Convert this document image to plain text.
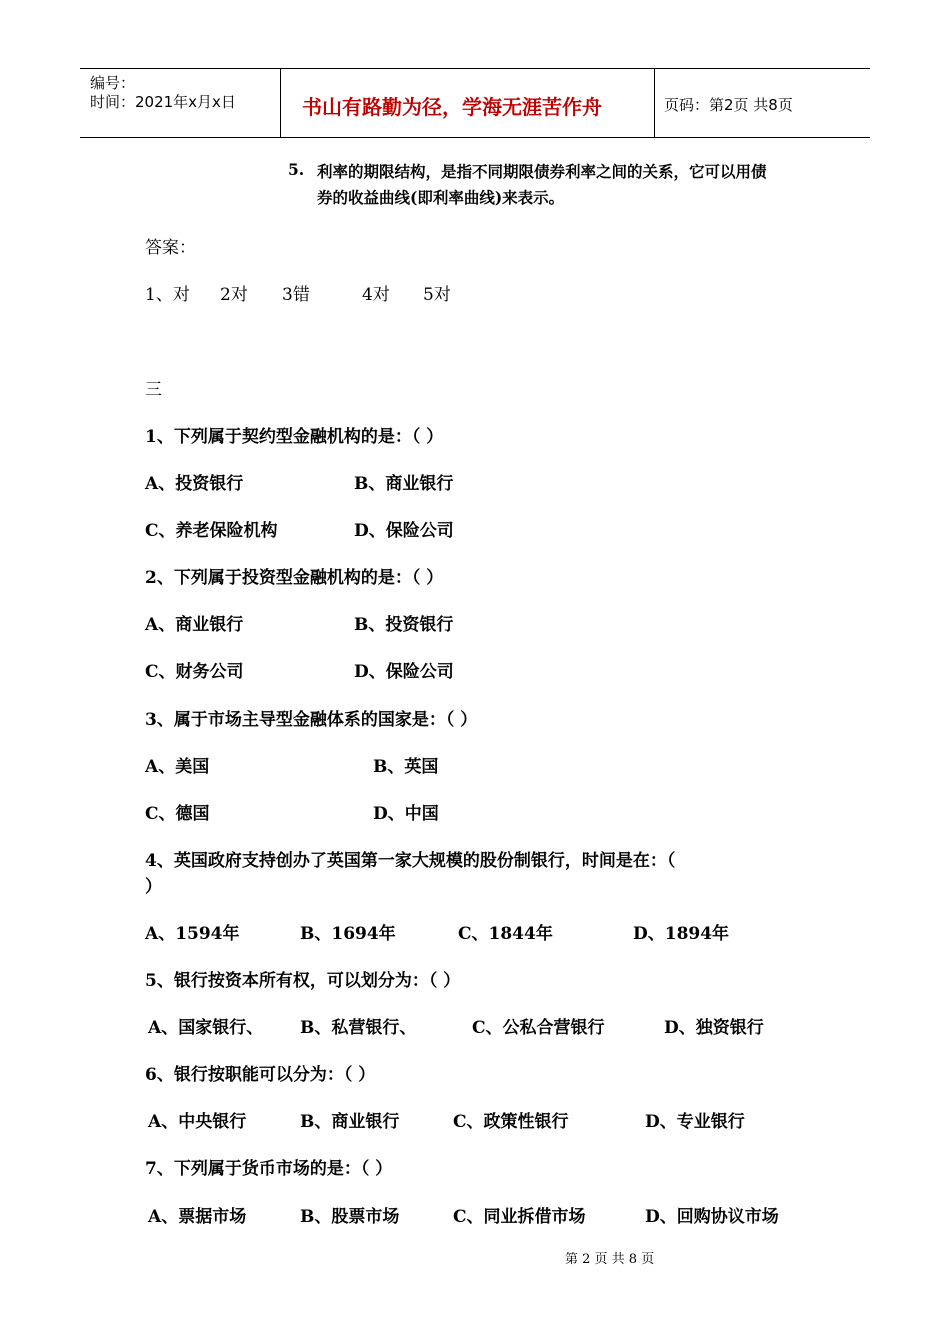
编号：
时间：2021年x月x日	书山有路勤为径，学海无涯苦作舟	页码：第2页 共8页
5. 利率的期限结构，是指不同期限债券利率之间的关系，它可以用债
券的收益曲线(即利率曲线)来表示。
答案：
1、对 2对 3错	4对 5对
三
1、下列属于契约型金融机构的是：（ ）
A、投资银行	B、商业银行
C、养老保险机构	D、保险公司
2、下列属于投资型金融机构的是：（ ）
A、商业银行	B、投资银行
C、财务公司	D、保险公司
3、属于市场主导型金融体系的国家是：（ ）
A、美国	B、英国
C、德国	D、中国
4、英国政府支持创办了英国第一家大规模的股份制银行，时间是在：（
）
A、1594年	B、1694年	C、1844年	D、1894年
5、银行按资本所有权，可以划分为：（ ）
A、国家银行、 B、私营银行、	C、公私合营银行	D、独资银行
6、银行按职能可以分为：（ ）
A、中央银行	B、商业银行	C、政策性银行	D、专业银行
7、下列属于货币市场的是：（ ）
A、票据市场	B、股票市场	C、同业拆借市场	D、回购协议市场
第 2 页 共 8 页
